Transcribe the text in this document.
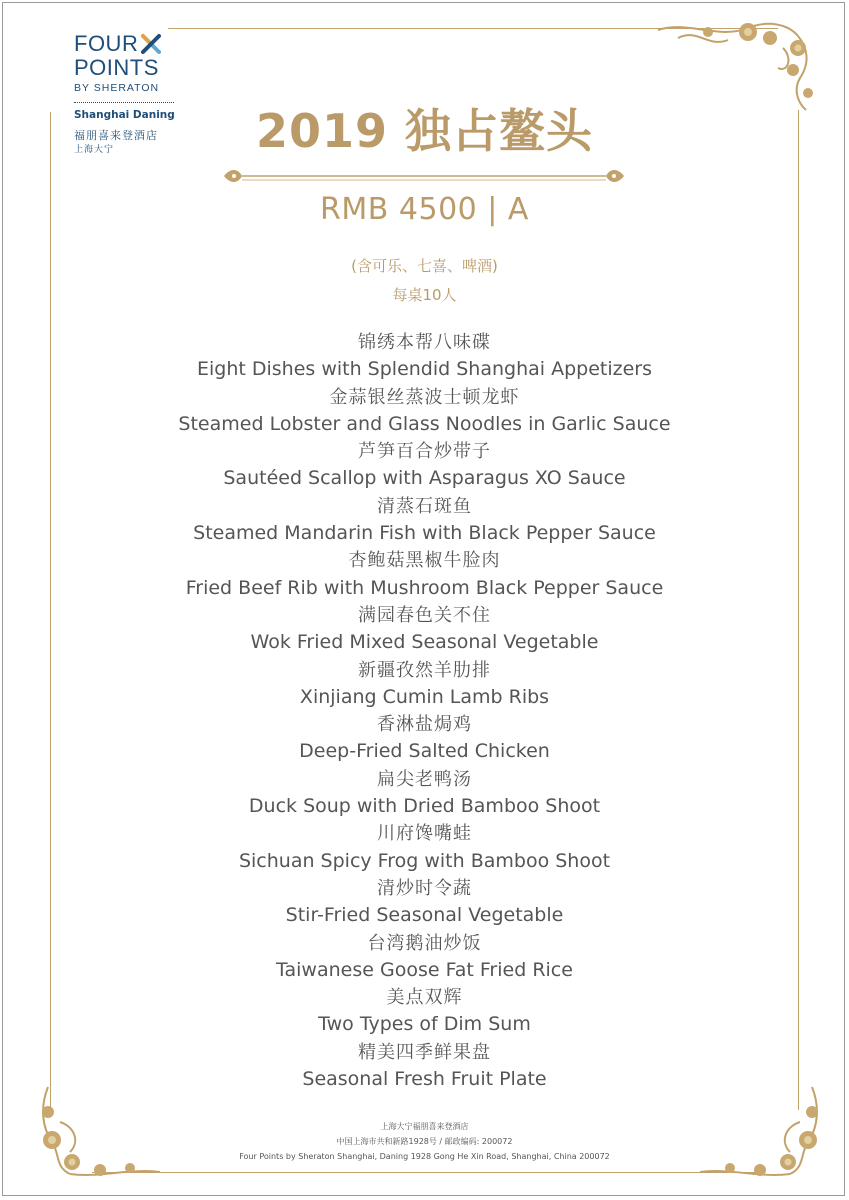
FOUR
POINTS
BY SHERATON
Shanghai Daning
福朋喜来登酒店
上海大宁	2019 独占鳌头
RMB 4500 | A
(含可乐、七喜、啤酒)
每桌10人
锦绣本帮八味碟
Eight Dishes with Splendid Shanghai Appetizers
金蒜银丝蒸波士顿龙虾
Steamed Lobster and Glass Noodles in Garlic Sauce
芦笋百合炒带子
Sautéed Scallop with Asparagus XO Sauce
清蒸石斑鱼
Steamed Mandarin Fish with Black Pepper Sauce
杏鲍菇黑椒牛脸肉
Fried Beef Rib with Mushroom Black Pepper Sauce
满园春色关不住
Wok Fried Mixed Seasonal Vegetable
新疆孜然羊肋排
Xinjiang Cumin Lamb Ribs
香淋盐焗鸡
Deep-Fried Salted Chicken
扁尖老鸭汤
Duck Soup with Dried Bamboo Shoot
川府馋嘴蛙
Sichuan Spicy Frog with Bamboo Shoot
清炒时令蔬
Stir-Fried Seasonal Vegetable
台湾鹅油炒饭
Taiwanese Goose Fat Fried Rice
美点双辉
Two Types of Dim Sum
精美四季鲜果盘
Seasonal Fresh Fruit Plate
上海大宁福朋喜来登酒店
中国上海市共和新路1928号 / 邮政编码: 200072
Four Points by Sheraton Shanghai, Daning 1928 Gong He Xin Road, Shanghai, China 200072
